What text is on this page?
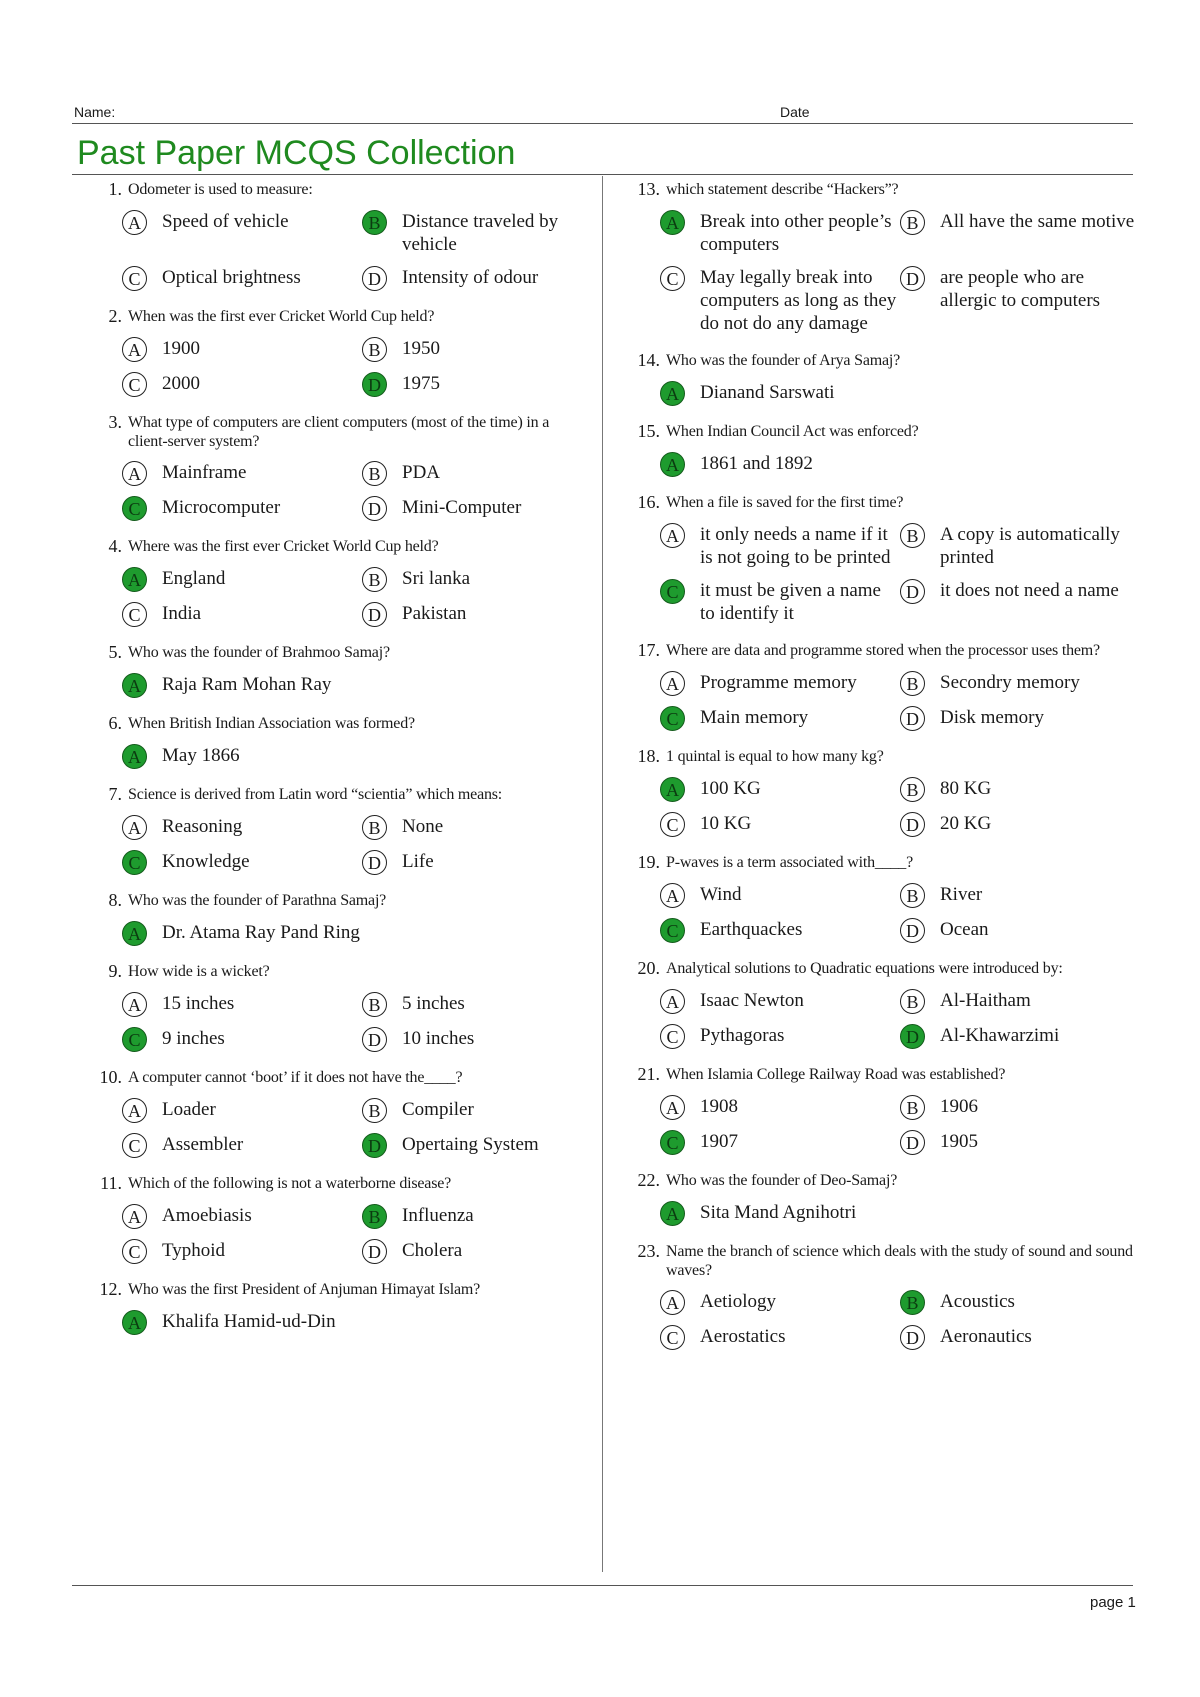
Name:	Date
Past Paper MCQS Collection
1. Odometer is used to measure:
A	Speed of vehicle	B	Distance traveled by vehicle
C	Optical brightness	D	Intensity of odour
2. When was the first ever Cricket World Cup held?
A	1900	B	1950
C	2000	D	1975
3. What type of computers are client computers (most of the time) in a client-server system?
A	Mainframe	B	PDA
C	Microcomputer	D	Mini-Computer
4. Where was the first ever Cricket World Cup held?
A	England	B	Sri lanka
C	India	D	Pakistan
5. Who was the founder of Brahmoo Samaj?
A	Raja Ram Mohan Ray
6. When British Indian Association was formed?
A	May 1866
7. Science is derived from Latin word “scientia” which means:
A	Reasoning	B	None
C	Knowledge	D	Life
8. Who was the founder of Parathna Samaj?
A	Dr. Atama Ray Pand Ring
9. How wide is a wicket?
A	15 inches	B	5 inches
C	9 inches	D	10 inches
10. A computer cannot ‘boot’ if it does not have the____?
A	Loader	B	Compiler
C	Assembler	D	Opertaing System
11. Which of the following is not a waterborne disease?
A	Amoebiasis	B	Influenza
C	Typhoid	D	Cholera
12. Who was the first President of Anjuman Himayat Islam?
A	Khalifa Hamid-ud-Din
13. which statement describe “Hackers”?
A	Break into other people’s computers
B	All have the same motive
C	May legally break into computers as long as they do not do any damage
D	are people who are allergic to computers
14. Who was the founder of Arya Samaj?
A	Dianand Sarswati
15. When Indian Council Act was enforced?
A	1861 and 1892
16. When a file is saved for the first time?
A	it only needs a name if it is not going to be printed
B	A copy is automatically printed
C	it must be given a name to identify it
D	it does not need a name
17. Where are data and programme stored when the processor uses them?
A	Programme memory	B	Secondry memory
C	Main memory	D	Disk memory
18. 1 quintal is equal to how many kg?
A	100 KG	B	80 KG
C	10 KG	D	20 KG
19. P-waves is a term associated with____?
A	Wind	B	River
C	Earthquackes	D	Ocean
20. Analytical solutions to Quadratic equations were introduced by:
A	Isaac Newton	B	Al-Haitham
C	Pythagoras	D	Al-Khawarzimi
21. When Islamia College Railway Road was established?
A	1908	B	1906
C	1907	D	1905
22. Who was the founder of Deo-Samaj?
A	Sita Mand Agnihotri
23. Name the branch of science which deals with the study of sound and sound waves?
A	Aetiology	B	Acoustics
C	Aerostatics	D	Aeronautics
page 1
